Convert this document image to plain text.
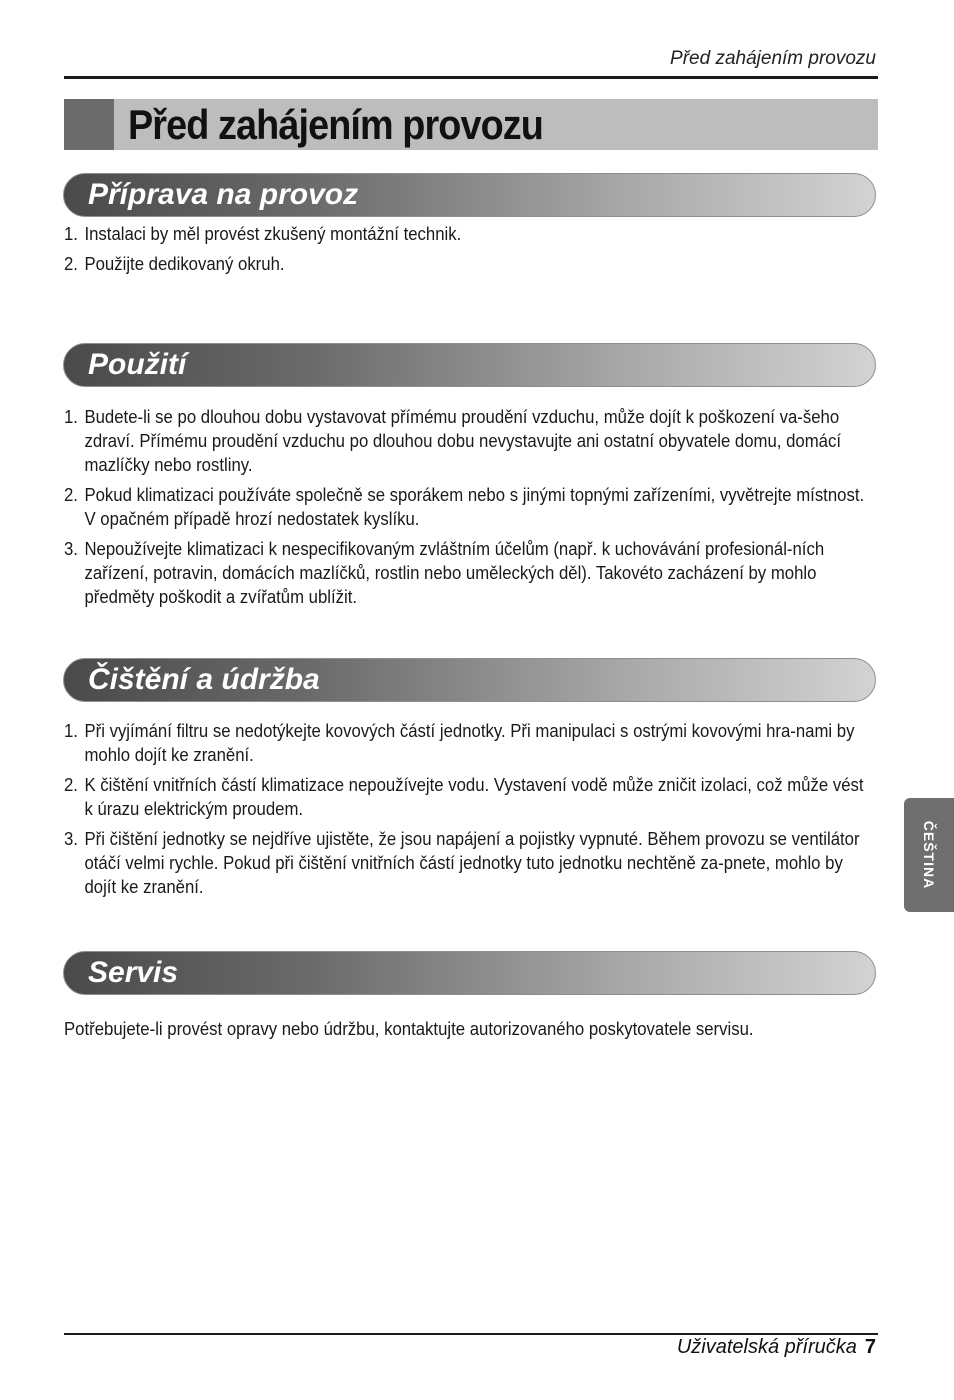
Před zahájením provozu
Před zahájením provozu
Příprava na provoz
1. Instalaci by měl provést zkušený montážní technik.
2. Použijte dedikovaný okruh.
Použití
1. Budete-li se po dlouhou dobu vystavovat přímému proudění vzduchu, může dojít k poškození va-šeho zdraví. Přímému proudění vzduchu po dlouhou dobu nevystavujte ani ostatní obyvatele domu, domácí mazlíčky nebo rostliny.
2. Pokud klimatizaci používáte společně se sporákem nebo s jinými topnými zařízeními, vyvětrejte místnost. V opačném případě hrozí nedostatek kyslíku.
3. Nepoužívejte klimatizaci k nespecifikovaným zvláštním účelům (např. k uchovávání profesionál-ních zařízení, potravin, domácích mazlíčků, rostlin nebo uměleckých děl). Takovéto zacházení by mohlo předměty poškodit a zvířatům ublížit.
Čištění a údržba
1. Při vyjímání filtru se nedotýkejte kovových částí jednotky. Při manipulaci s ostrými kovovými hra-nami by mohlo dojít ke zranění.
2. K čištění vnitřních částí klimatizace nepoužívejte vodu. Vystavení vodě může zničit izolaci, což může vést k úrazu elektrickým proudem.
3. Při čištění jednotky se nejdříve ujistěte, že jsou napájení a pojistky vypnuté. Během provozu se ventilátor otáčí velmi rychle. Pokud při čištění vnitřních částí jednotky tuto jednotku nechtěně za-pnete, mohlo by dojít ke zranění.
Servis
Potřebujete-li provést opravy nebo údržbu, kontaktujte autorizovaného poskytovatele servisu.
ČEŠTINA
Uživatelská příručka 7
